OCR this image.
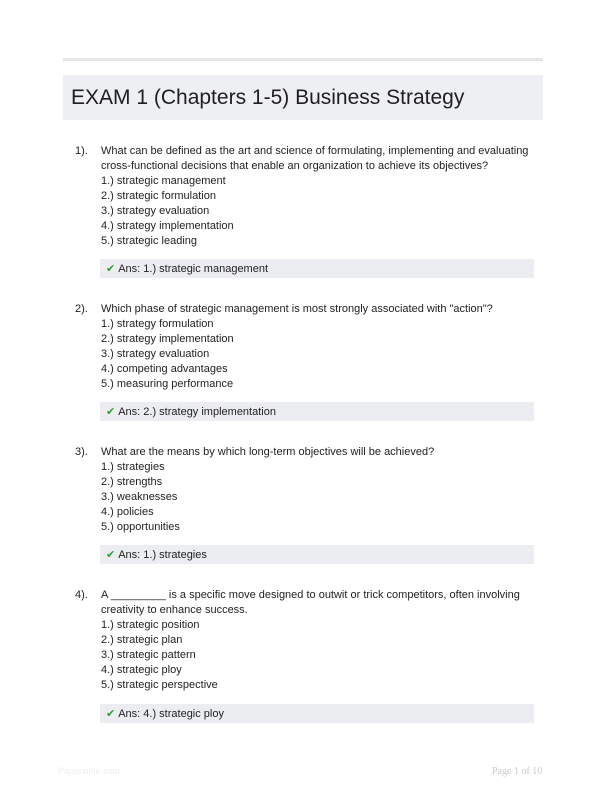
EXAM 1 (Chapters 1-5) Business Strategy
1). What can be defined as the art and science of formulating, implementing and evaluating
cross-functional decisions that enable an organization to achieve its objectives?
1.) strategic management
2.) strategic formulation
3.) strategy evaluation
4.) strategy implementation
5.) strategic leading
✔ Ans: 1.) strategic management
2). Which phase of strategic management is most strongly associated with "action"?
1.) strategy formulation
2.) strategy implementation
3.) strategy evaluation
4.) competing advantages
5.) measuring performance
✔ Ans: 2.) strategy implementation
3). What are the means by which long-term objectives will be achieved?
1.) strategies
2.) strengths
3.) weaknesses
4.) policies
5.) opportunities
✔ Ans: 1.) strategies
4). A _________ is a specific move designed to outwit or trick competitors, often involving
creativity to enhance success.
1.) strategic position
2.) strategic plan
3.) strategic pattern
4.) strategic ploy
5.) strategic perspective
✔ Ans: 4.) strategic ploy
Paperxible.com	Page 1 of 10
